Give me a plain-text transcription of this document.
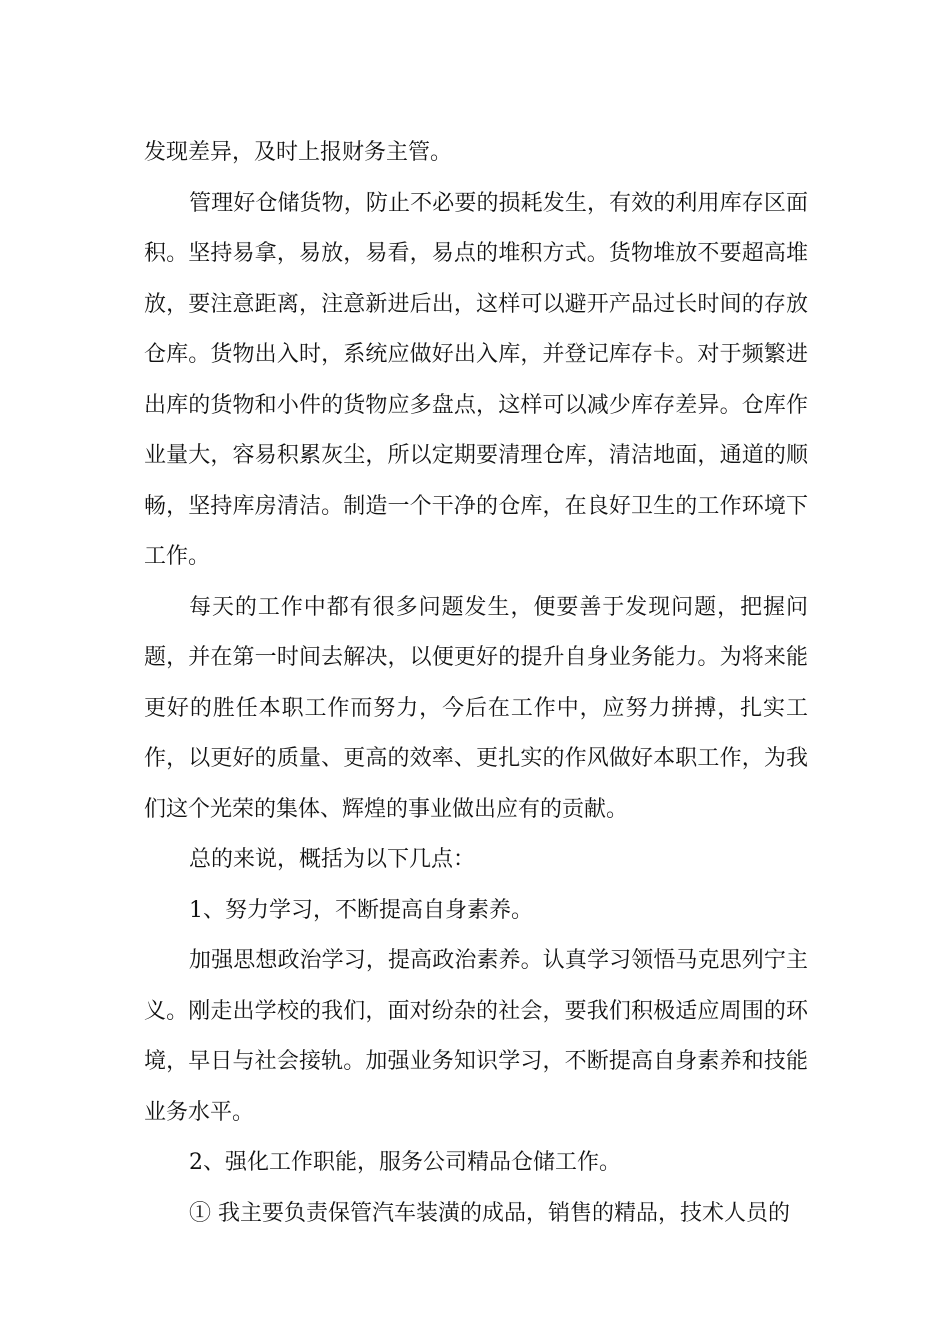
发现差异，及时上报财务主管。

管理好仓储货物，防止不必要的损耗发生，有效的利用库存区面积。坚持易拿，易放，易看，易点的堆积方式。货物堆放不要超高堆放，要注意距离，注意新进后出，这样可以避开产品过长时间的存放仓库。货物出入时，系统应做好出入库，并登记库存卡。对于频繁进出库的货物和小件的货物应多盘点，这样可以减少库存差异。仓库作业量大，容易积累灰尘，所以定期要清理仓库，清洁地面，通道的顺畅，坚持库房清洁。制造一个干净的仓库，在良好卫生的工作环境下工作。

每天的工作中都有很多问题发生，便要善于发现问题，把握问题，并在第一时间去解决，以便更好的提升自身业务能力。为将来能更好的胜任本职工作而努力，今后在工作中，应努力拼搏，扎实工作，以更好的质量、更高的效率、更扎实的作风做好本职工作，为我们这个光荣的集体、辉煌的事业做出应有的贡献。

总的来说，概括为以下几点：

1、努力学习，不断提高自身素养。

加强思想政治学习，提高政治素养。认真学习领悟马克思列宁主义。刚走出学校的我们，面对纷杂的社会，要我们积极适应周围的环境，早日与社会接轨。加强业务知识学习，不断提高自身素养和技能业务水平。

2、强化工作职能，服务公司精品仓储工作。

① 我主要负责保管汽车装潢的成品，销售的精品，技术人员的
